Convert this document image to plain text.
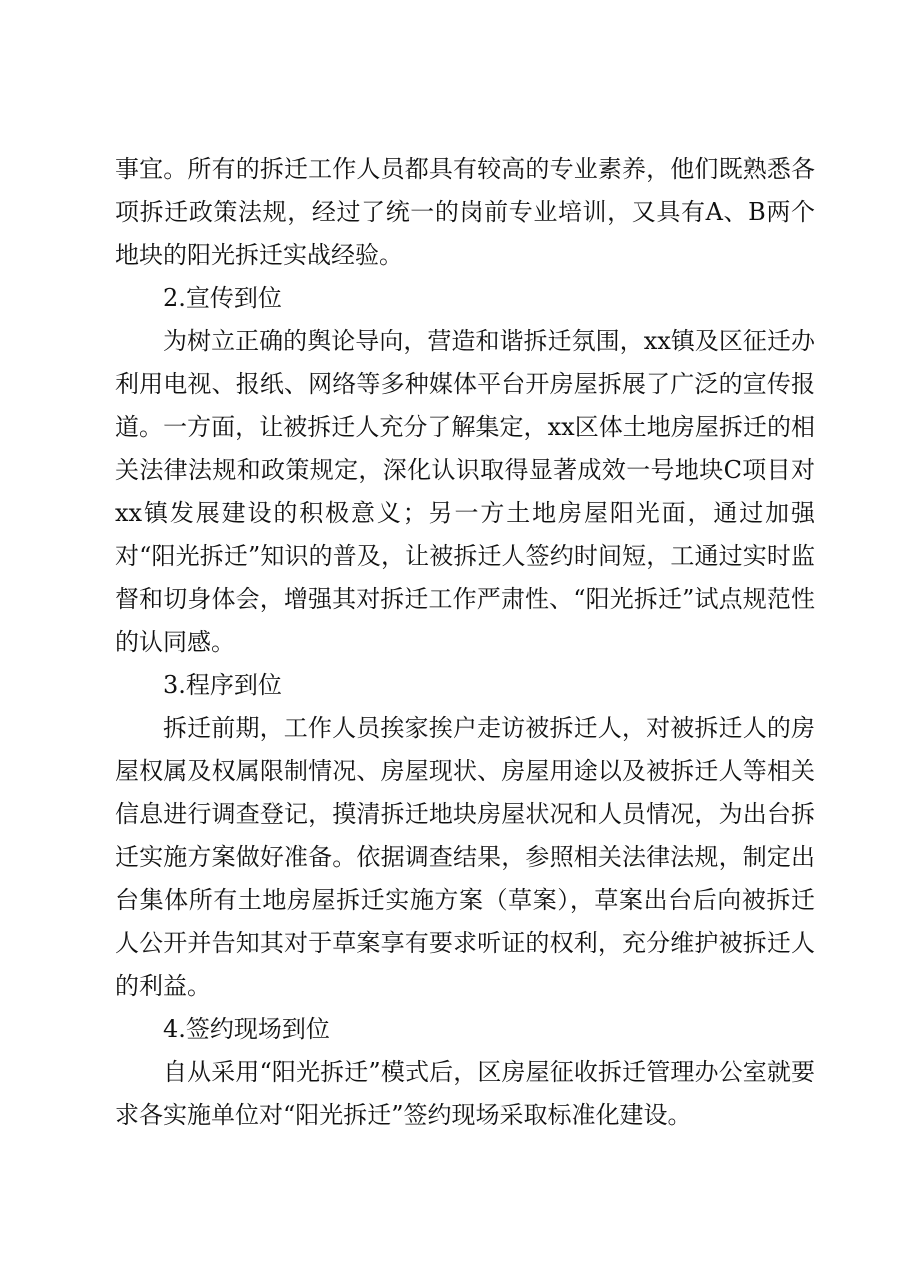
事宜。所有的拆迁工作人员都具有较高的专业素养，他们既熟悉各项拆迁政策法规，经过了统一的岗前专业培训，又具有A、B两个地块的阳光拆迁实战经验。

2.宣传到位

为树立正确的舆论导向，营造和谐拆迁氛围，xx镇及区征迁办利用电视、报纸、网络等多种媒体平台开房屋拆展了广泛的宣传报道。一方面，让被拆迁人充分了解集定，xx区体土地房屋拆迁的相关法律法规和政策规定，深化认识取得显著成效一号地块C项目对xx镇发展建设的积极意义；另一方土地房屋阳光面，通过加强对“阳光拆迁”知识的普及，让被拆迁人签约时间短，工通过实时监督和切身体会，增强其对拆迁工作严肃性、“阳光拆迁”试点规范性的认同感。

3.程序到位

拆迁前期，工作人员挨家挨户走访被拆迁人，对被拆迁人的房屋权属及权属限制情况、房屋现状、房屋用途以及被拆迁人等相关信息进行调查登记，摸清拆迁地块房屋状况和人员情况，为出台拆迁实施方案做好准备。依据调查结果，参照相关法律法规，制定出台集体所有土地房屋拆迁实施方案（草案），草案出台后向被拆迁人公开并告知其对于草案享有要求听证的权利，充分维护被拆迁人的利益。

4.签约现场到位

自从采用“阳光拆迁”模式后，区房屋征收拆迁管理办公室就要求各实施单位对“阳光拆迁”签约现场采取标准化建设。
